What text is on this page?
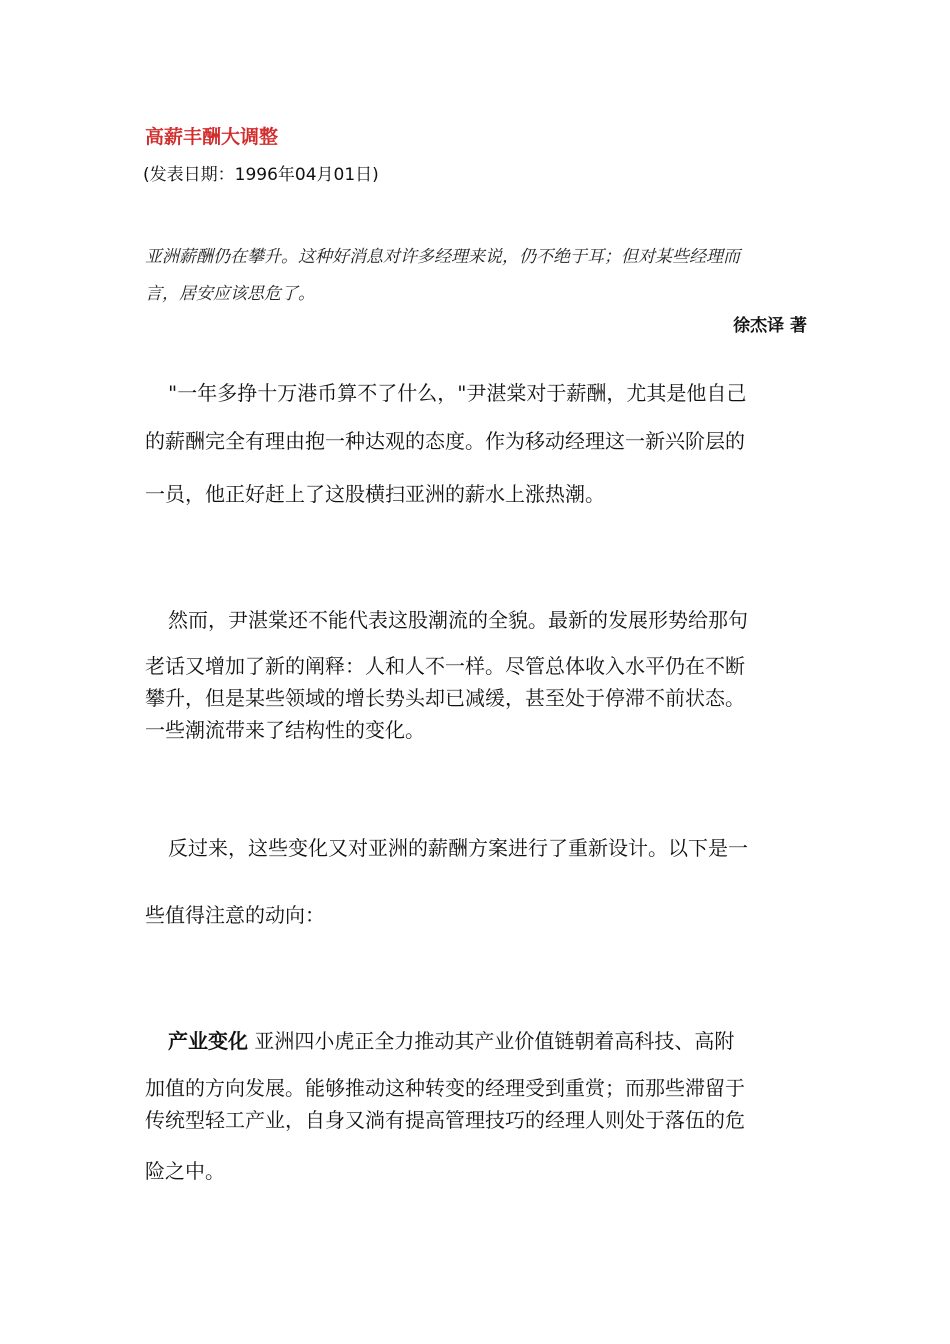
高薪丰酬大调整
(发表日期：1996年04月01日)
亚洲薪酬仍在攀升。这种好消息对许多经理来说，仍不绝于耳；但对某些经理而
言，居安应该思危了。
徐杰译 著
"一年多挣十万港币算不了什么，"尹湛棠对于薪酬，尤其是他自己
的薪酬完全有理由抱一种达观的态度。作为移动经理这一新兴阶层的
一员，他正好赶上了这股横扫亚洲的薪水上涨热潮。
然而，尹湛棠还不能代表这股潮流的全貌。最新的发展形势给那句
老话又增加了新的阐释：人和人不一样。尽管总体收入水平仍在不断
攀升，但是某些领域的增长势头却已减缓，甚至处于停滞不前状态。
一些潮流带来了结构性的变化。
反过来，这些变化又对亚洲的薪酬方案进行了重新设计。以下是一
些值得注意的动向：
产业变化 亚洲四小虎正全力推动其产业价值链朝着高科技、高附
加值的方向发展。能够推动这种转变的经理受到重赏；而那些滞留于
传统型轻工产业，自身又淌有提高管理技巧的经理人则处于落伍的危
险之中。
